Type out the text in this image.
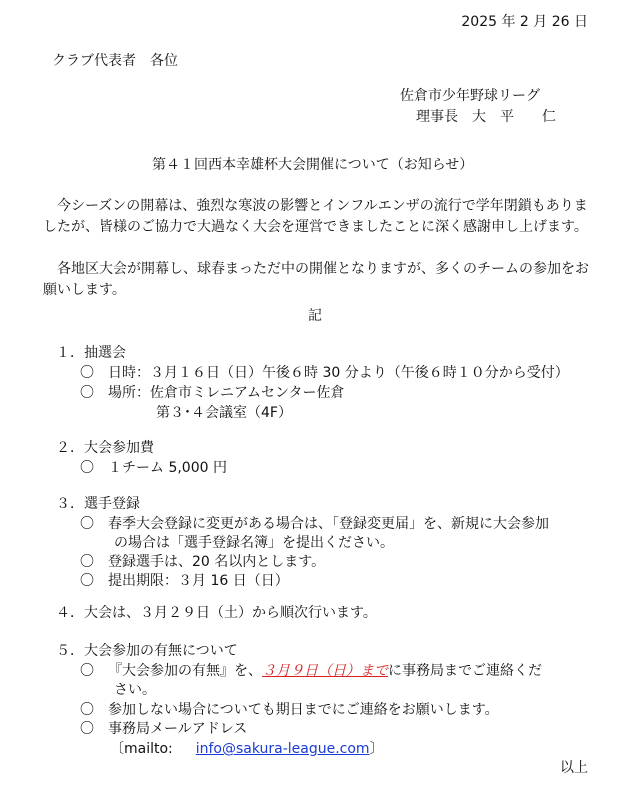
2025 年 2 月 26 日
クラブ代表者　各位
佐倉市少年野球リーグ
理事長　大　平　　仁
第４１回西本幸雄杯大会開催について（お知らせ）
今シーズンの開幕は、強烈な寒波の影響とインフルエンザの流行で学年閉鎖もありましたが、皆様のご協力で大過なく大会を運営できましたことに深く感謝申し上げます。
各地区大会が開幕し、球春まっただ中の開催となりますが、多くのチームの参加をお願いします。
記
１．抽選会
〇 日時：３月１６日（日）午後６時 30 分より（午後６時１０分から受付）
〇 場所：佐倉市ミレニアムセンター佐倉
第３･４会議室（4F）
２．大会参加費
〇 １チーム 5,000 円
３．選手登録
〇 春季大会登録に変更がある場合は、「登録変更届」を、新規に大会参加
の場合は「選手登録名簿」を提出ください。
〇 登録選手は、20 名以内とします。
〇 提出期限：３月 16 日（日）
４．大会は、３月２９日（土）から順次行います。
５．大会参加の有無について
〇 『大会参加の有無』を、３月９日（日）までに事務局までご連絡くだ
さい。
〇 参加しない場合についても期日までにご連絡をお願いします。
〇 事務局メールアドレス
〔mailto: info@sakura-league.com〕
以上
